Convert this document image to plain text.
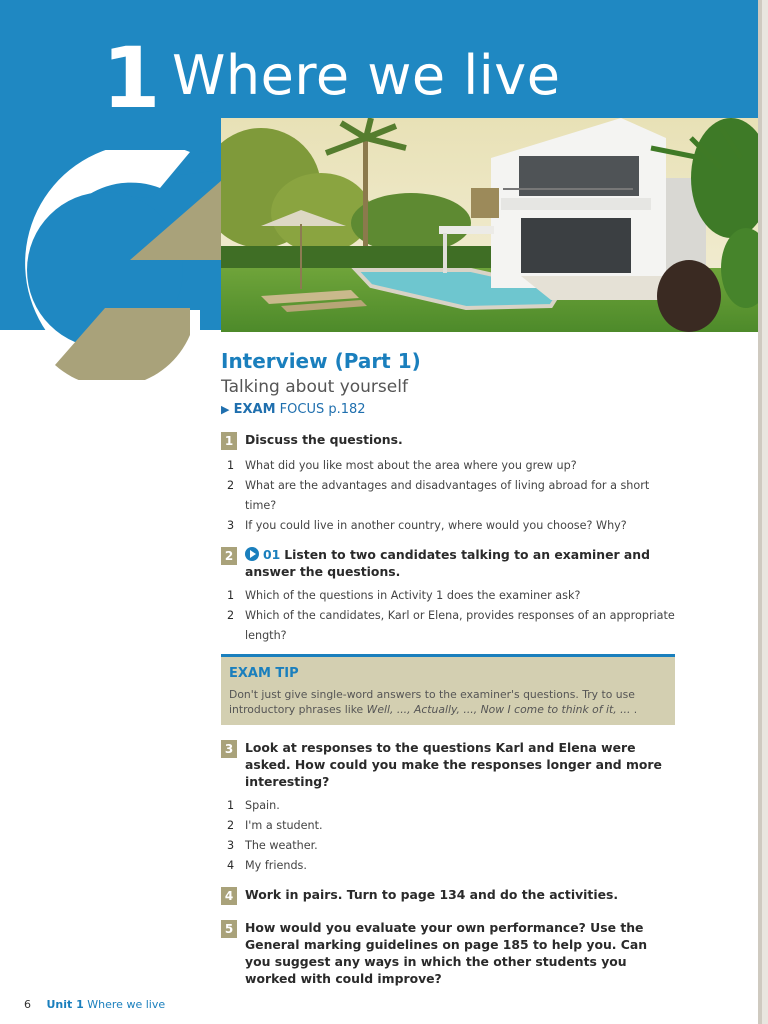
1 Where we live
Interview (Part 1)
Talking about yourself
▶ EXAM FOCUS p.182
1 Discuss the questions.
1 What did you like most about the area where you grew up?
2 What are the advantages and disadvantages of living abroad for a short time?
3 If you could live in another country, where would you choose? Why?
2	01 Listen to two candidates talking to an examiner and answer the questions.
1 Which of the questions in Activity 1 does the examiner ask?
2 Which of the candidates, Karl or Elena, provides responses of an appropriate length?
EXAM TIP
Don't just give single-word answers to the examiner's questions. Try to use introductory phrases like Well, ..., Actually, ..., Now I come to think of it, ... .
3 Look at responses to the questions Karl and Elena were asked. How could you make the responses longer and more interesting?
1 Spain.
2 I'm a student.
3 The weather.
4 My friends.
4 Work in pairs. Turn to page 134 and do the activities.
5 How would you evaluate your own performance? Use the General marking guidelines on page 185 to help you. Can you suggest any ways in which the other students you worked with could improve?
6 Unit 1 Where we live
